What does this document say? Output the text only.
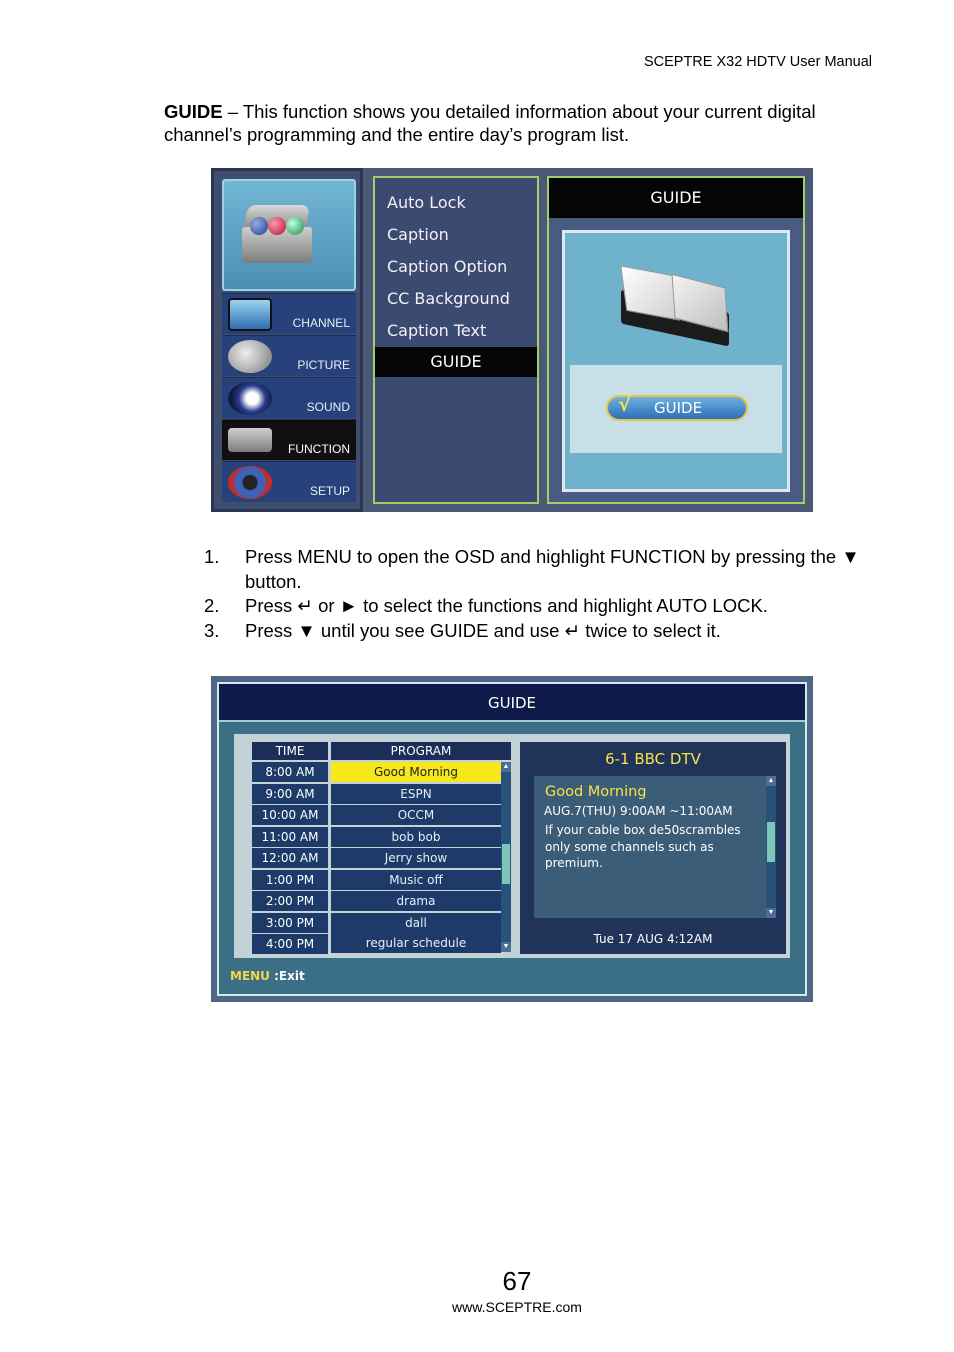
SCEPTRE X32 HDTV User Manual
GUIDE – This function shows you detailed information about your current digital channel’s programming and the entire day’s program list.
CHANNEL
PICTURE
SOUND
FUNCTION
SETUP
Auto Lock
Caption
Caption Option
CC Background
Caption Text
GUIDE
GUIDE
√ GUIDE
1. Press MENU to open the OSD and highlight FUNCTION by pressing the ▼ button.
2. Press ↵ or ► to select the functions and highlight AUTO LOCK.
3. Press ▼ until you see GUIDE and use ↵ twice to select it.
GUIDE
TIME	PROGRAM
8:00 AM	Good Morning
9:00 AM	ESPN
10:00 AM	OCCM
11:00 AM	bob bob
12:00 AM	Jerry show
1:00 PM	Music off
2:00 PM	drama
3:00 PM	dall
4:00 PM	regular schedule
▲
▼
6-1 BBC DTV
Good Morning
AUG.7(THU) 9:00AM ~11:00AM
If your cable box de50scrambles only some channels such as premium.
▲
▼
Tue 17 AUG 4:12AM
MENU :Exit
67
www.SCEPTRE.com
